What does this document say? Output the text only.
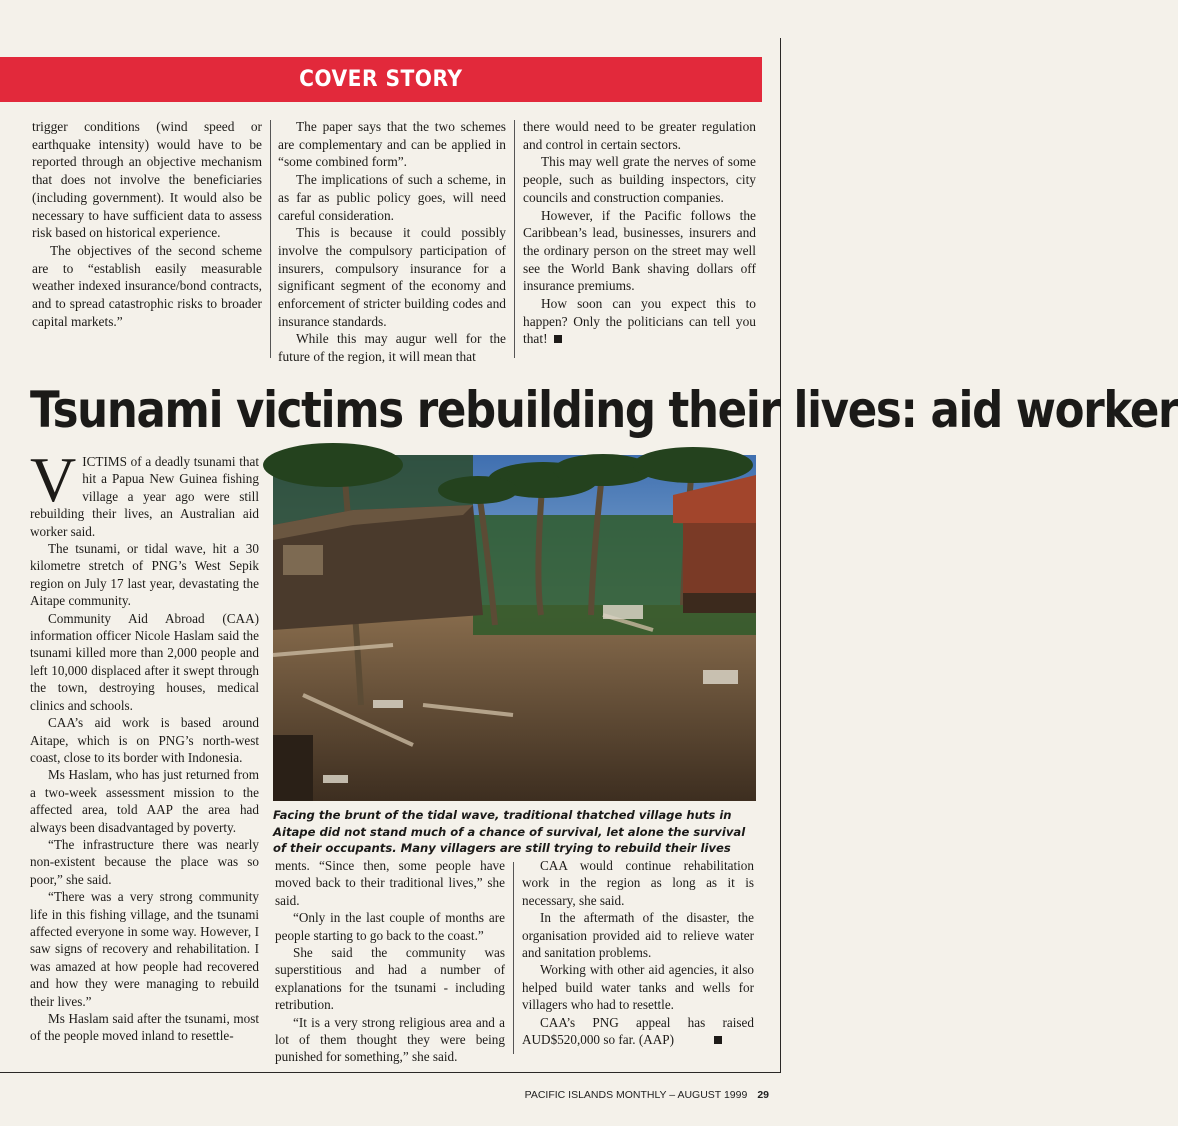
COVER STORY

trigger conditions (wind speed or earthquake intensity) would have to be reported through an objective mechanism that does not involve the beneficiaries (including government). It would also be necessary to have sufficient data to assess risk based on historical experience.

The objectives of the second scheme are to “establish easily measurable weather indexed insurance/bond contracts, and to spread catastrophic risks to broader capital markets.”

The paper says that the two schemes are complementary and can be applied in “some combined form”.

The implications of such a scheme, in as far as public policy goes, will need careful consideration.

This is because it could possibly involve the compulsory participation of insurers, compulsory insurance for a significant segment of the economy and enforcement of stricter building codes and insurance standards.

While this may augur well for the future of the region, it will mean that

there would need to be greater regulation and control in certain sectors.

This may well grate the nerves of some people, such as building inspectors, city councils and construction companies.

However, if the Pacific follows the Caribbean’s lead, businesses, insurers and the ordinary person on the street may well see the World Bank shaving dollars off insurance premiums.

How soon can you expect this to happen? Only the politicians can tell you that!

Tsunami victims rebuilding their lives: aid worker

VICTIMS of a deadly tsunami that hit a Papua New Guinea fishing village a year ago were still rebuilding their lives, an Australian aid worker said.

The tsunami, or tidal wave, hit a 30 kilometre stretch of PNG’s West Sepik region on July 17 last year, devastating the Aitape community.

Community Aid Abroad (CAA) information officer Nicole Haslam said the tsunami killed more than 2,000 people and left 10,000 displaced after it swept through the town, destroying houses, medical clinics and schools.

CAA’s aid work is based around Aitape, which is on PNG’s north-west coast, close to its border with Indonesia.

Ms Haslam, who has just returned from a two-week assessment mission to the affected area, told AAP the area had always been disadvantaged by poverty.

“The infrastructure there was nearly non-existent because the place was so poor,” she said.

“There was a very strong community life in this fishing village, and the tsunami affected everyone in some way. However, I saw signs of recovery and rehabilitation. I was amazed at how people had recovered and how they were managing to rebuild their lives.”

Ms Haslam said after the tsunami, most of the people moved inland to resettle-

Facing the brunt of the tidal wave, traditional thatched village huts in Aitape did not stand much of a chance of survival, let alone the survival of their occupants. Many villagers are still trying to rebuild their lives

ments. “Since then, some people have moved back to their traditional lives,” she said.

“Only in the last couple of months are people starting to go back to the coast.”

She said the community was superstitious and had a number of explanations for the tsunami - including retribution.

“It is a very strong religious area and a lot of them thought they were being punished for something,” she said.

CAA would continue rehabilitation work in the region as long as it is necessary, she said.

In the aftermath of the disaster, the organisation provided aid to relieve water and sanitation problems.

Working with other aid agencies, it also helped build water tanks and wells for villagers who had to resettle.

CAA’s PNG appeal has raised AUD$520,000 so far. (AAP)

PACIFIC ISLANDS MONTHLY – AUGUST 1999 29
